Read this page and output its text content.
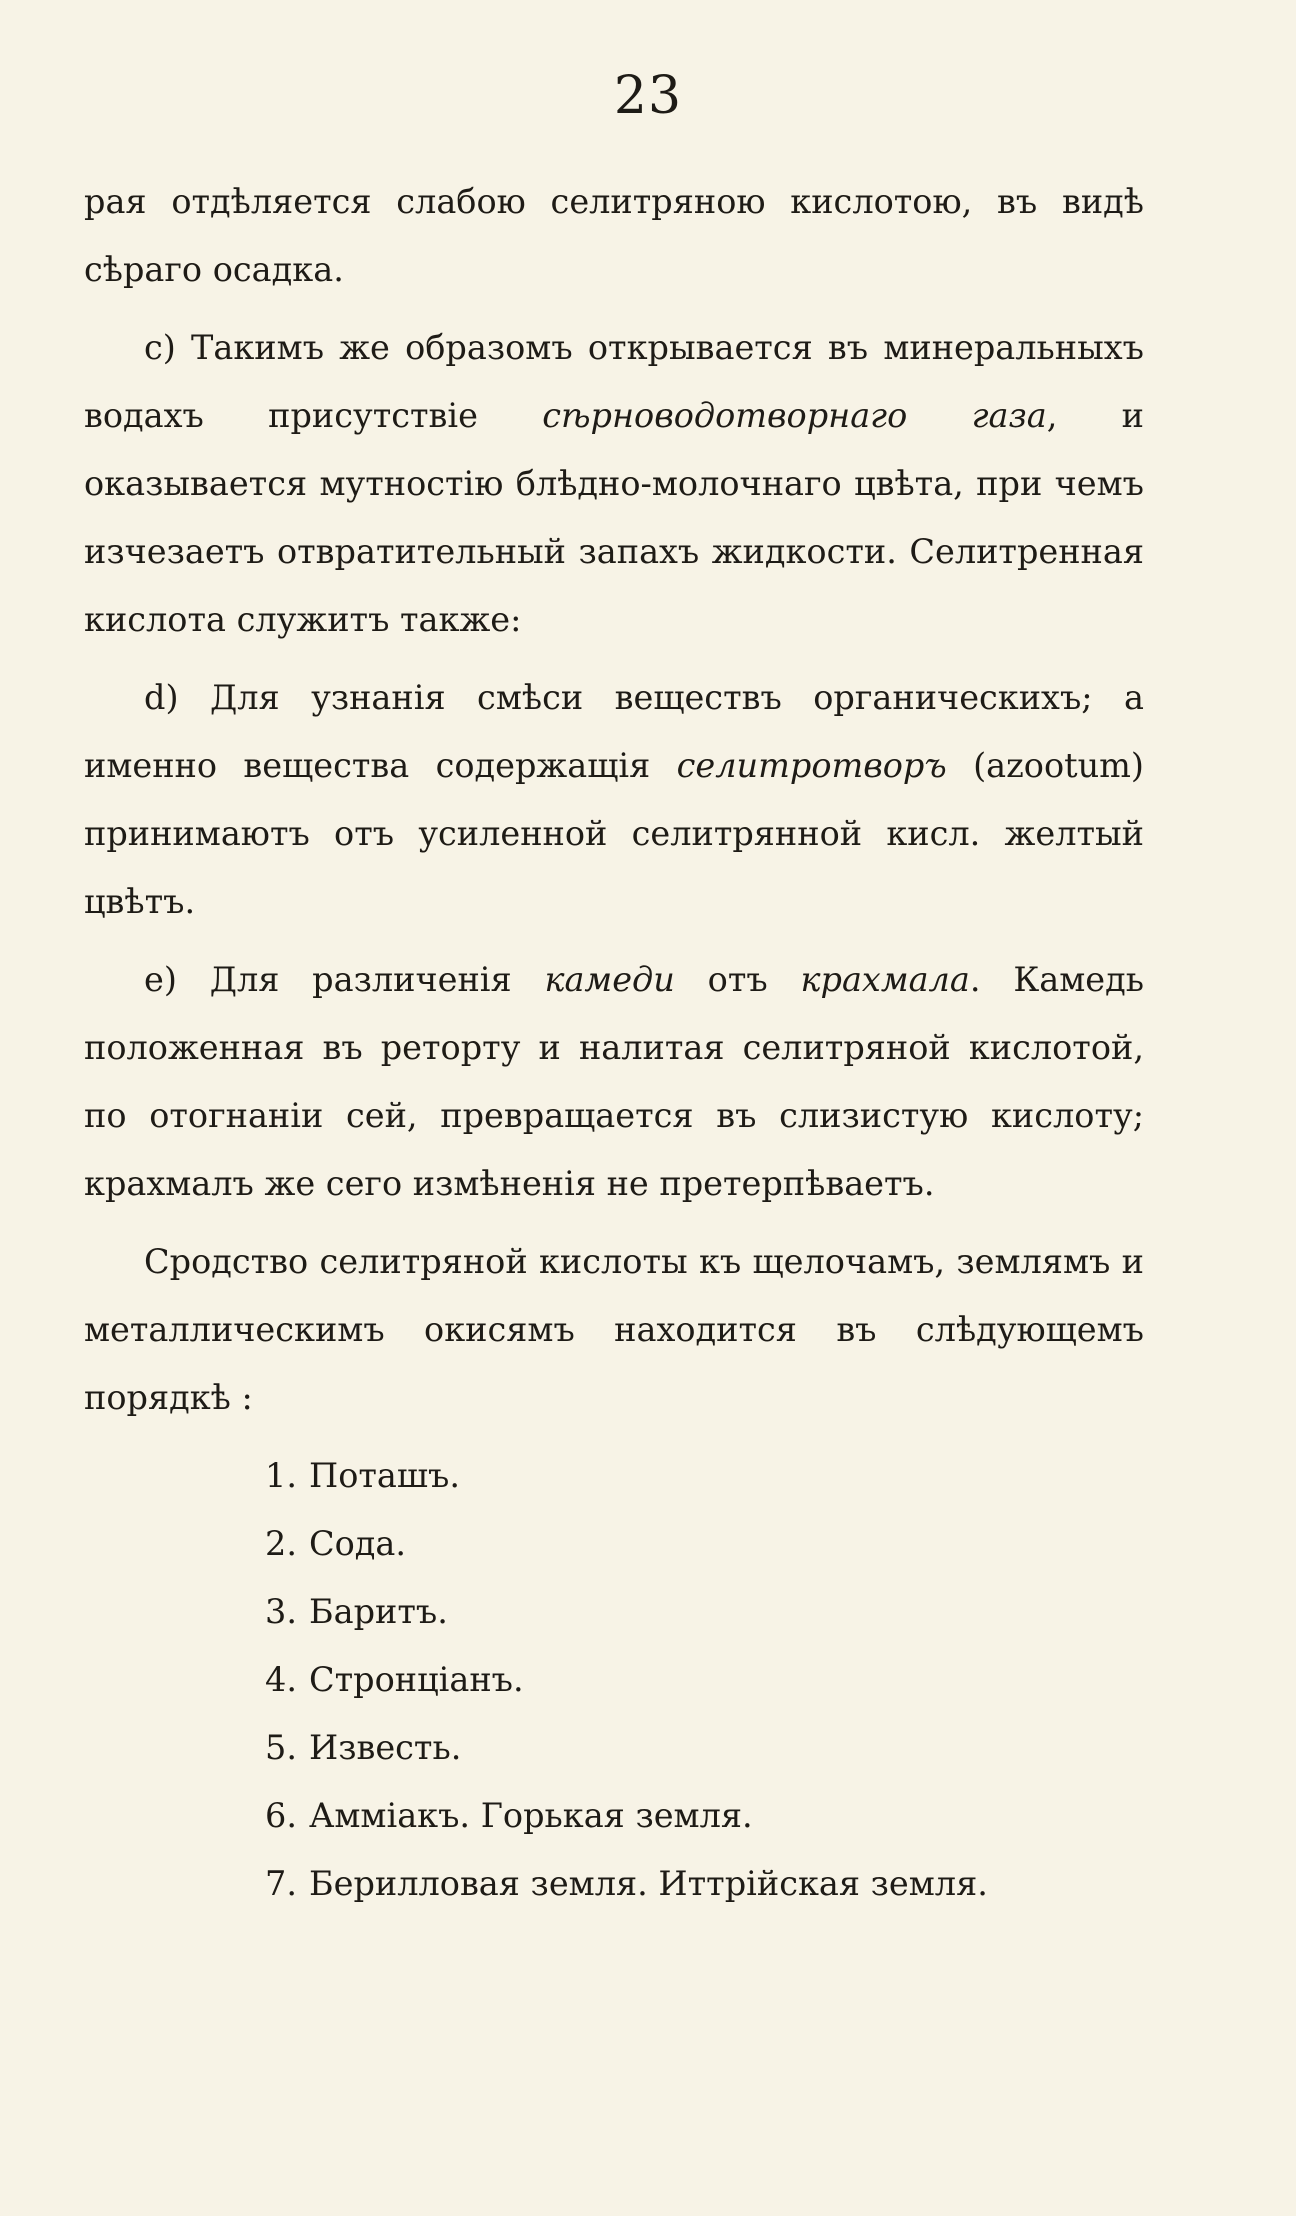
23

рая отдѣляется слабою селитряною кислотою, въ видѣ сѣраго осадка.

c) Такимъ же образомъ открывается въ минеральныхъ водахъ присутствіе сѣрноводотворнаго газа, и оказывается мутностію блѣдно-молочнаго цвѣта, при чемъ изчезаетъ отвратительный запахъ жидкости. Селитренная кислота служитъ также:

d) Для узнанія смѣси веществъ органическихъ; а именно вещества содержащія селитротворъ (azootum) принимаютъ отъ усиленной селитрянной кисл. желтый цвѣтъ.

e) Для различенія камеди отъ крахмала. Камедь положенная въ реторту и налитая селитряной кислотой, по отогнаніи сей, превращается въ слизистую кислоту; крахмалъ же сего измѣненія не претерпѣваетъ.

Сродство селитряной кислоты къ щелочамъ, землямъ и металлическимъ окисямъ находится въ слѣдующемъ порядкѣ :

1. Поташъ.
2. Сода.
3. Баритъ.
4. Стронціанъ.
5. Известь.
6. Амміакъ. Горькая земля.
7. Берилловая земля. Иттрійская земля.
